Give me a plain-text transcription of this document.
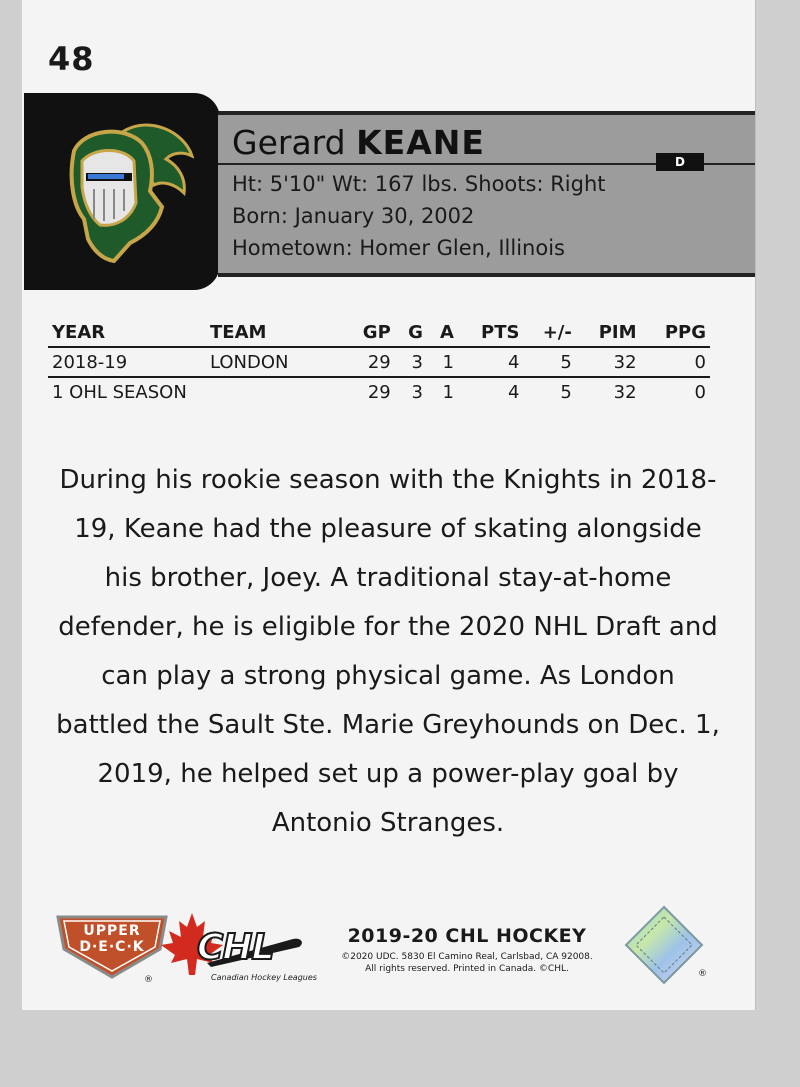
48
Gerard KEANE	D
Ht: 5'10" Wt: 167 lbs. Shoots: Right
Born: January 30, 2002
Hometown: Homer Glen, Illinois
YEAR	TEAM	GP	G	A	PTS	+/-	PIM	PPG
2018-19	LONDON	29	3	1	4	5	32	0
1 OHL SEASON		29	3	1	4	5	32	0
During his rookie season with the Knights in 2018-19, Keane had the pleasure of skating alongside his brother, Joey. A traditional stay-at-home defender, he is eligible for the 2020 NHL Draft and can play a strong physical game. As London battled the Sault Ste. Marie Greyhounds on Dec. 1, 2019, he helped set up a power-play goal by Antonio Stranges.
UPPER
D·E·C·K
®
CHL
Canadian Hockey Leagues
2019-20 CHL HOCKEY
©2020 UDC. 5830 El Camino Real, Carlsbad, CA 92008.
All rights reserved. Printed in Canada. ©CHL.	®
